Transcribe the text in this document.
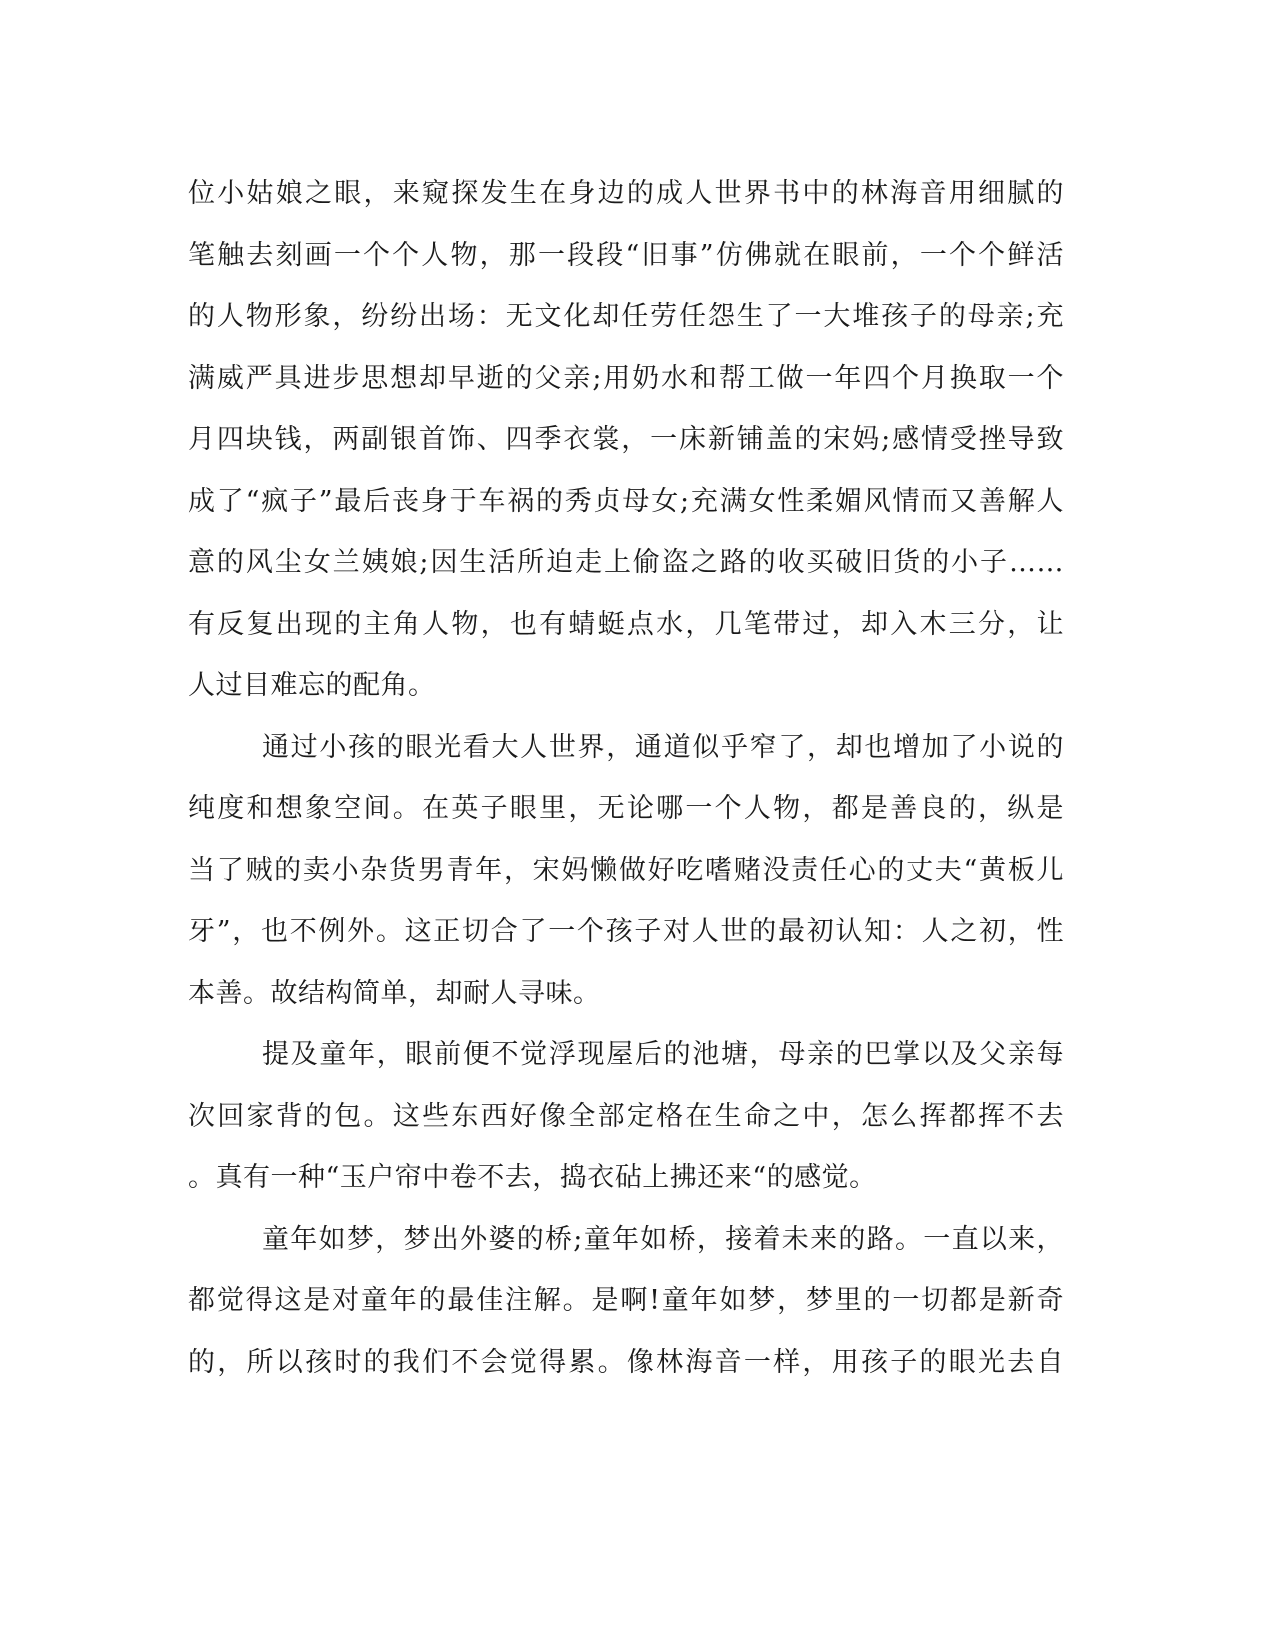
位小姑娘之眼，来窥探发生在身边的成人世界书中的林海音用细腻的
笔触去刻画一个个人物，那一段段“旧事”仿佛就在眼前，一个个鲜活
的人物形象，纷纷出场：无文化却任劳任怨生了一大堆孩子的母亲;充
满威严具进步思想却早逝的父亲;用奶水和帮工做一年四个月换取一个
月四块钱，两副银首饰、四季衣裳，一床新铺盖的宋妈;感情受挫导致
成了“疯子”最后丧身于车祸的秀贞母女;充满女性柔媚风情而又善解人
意的风尘女兰姨娘;因生活所迫走上偷盗之路的收买破旧货的小子……
有反复出现的主角人物，也有蜻蜓点水，几笔带过，却入木三分，让
人过目难忘的配角。
通过小孩的眼光看大人世界，通道似乎窄了，却也增加了小说的
纯度和想象空间。在英子眼里，无论哪一个人物，都是善良的，纵是
当了贼的卖小杂货男青年，宋妈懒做好吃嗜赌没责任心的丈夫“黄板儿
牙”，也不例外。这正切合了一个孩子对人世的最初认知：人之初，性
本善。故结构简单，却耐人寻味。
提及童年，眼前便不觉浮现屋后的池塘，母亲的巴掌以及父亲每
次回家背的包。这些东西好像全部定格在生命之中，怎么挥都挥不去
。真有一种“玉户帘中卷不去，捣衣砧上拂还来“的感觉。
童年如梦，梦出外婆的桥;童年如桥，接着未来的路。一直以来，
都觉得这是对童年的最佳注解。是啊!童年如梦，梦里的一切都是新奇
的，所以孩时的我们不会觉得累。像林海音一样，用孩子的眼光去自
